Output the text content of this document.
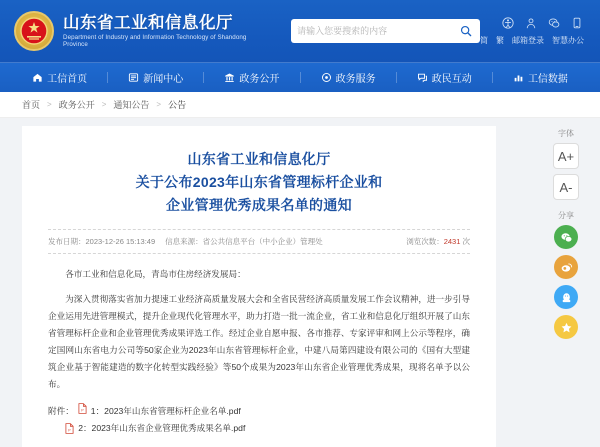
山东省工业和信息化厅
Department of Industry and Information Technology of Shandong Province
请输入您要搜索的内容	简 繁 邮箱登录 智慧办公
工信首页	新闻中心	政务公开	政务服务	政民互动	工信数据
首页 > 政务公开 > 通知公告 > 公告
山东省工业和信息化厅
关于公布2023年山东省管理标杆企业和
企业管理优秀成果名单的通知
发布日期：2023-12-26 15:13:49 信息来源：省公共信息平台（中小企业）管理处	浏览次数：2431 次

各市工业和信息化局，青岛市住房经济发展局：

为深入贯彻落实省加力提速工业经济高质量发展大会和全省民营经济高质量发展工作会议精神，进一步引导企业运用先进管理模式，提升企业现代化管理水平，助力打造一批一流企业，省工业和信息化厅组织开展了山东省管理标杆企业和企业管理优秀成果评选工作。经过企业自愿申报、各市推荐、专家评审和网上公示等程序，确定国网山东省电力公司等50家企业为2023年山东省管理标杆企业，中建八局第四建设有限公司的《国有大型建筑企业基于智能建造的数字化转型实践经验》等50个成果为2023年山东省企业管理优秀成果，现将名单予以公布。

附件： P 1：2023年山东省管理标杆企业名单.pdf
P 2：2023年山东省企业管理优秀成果名单.pdf
字体
A+
A-
分享
